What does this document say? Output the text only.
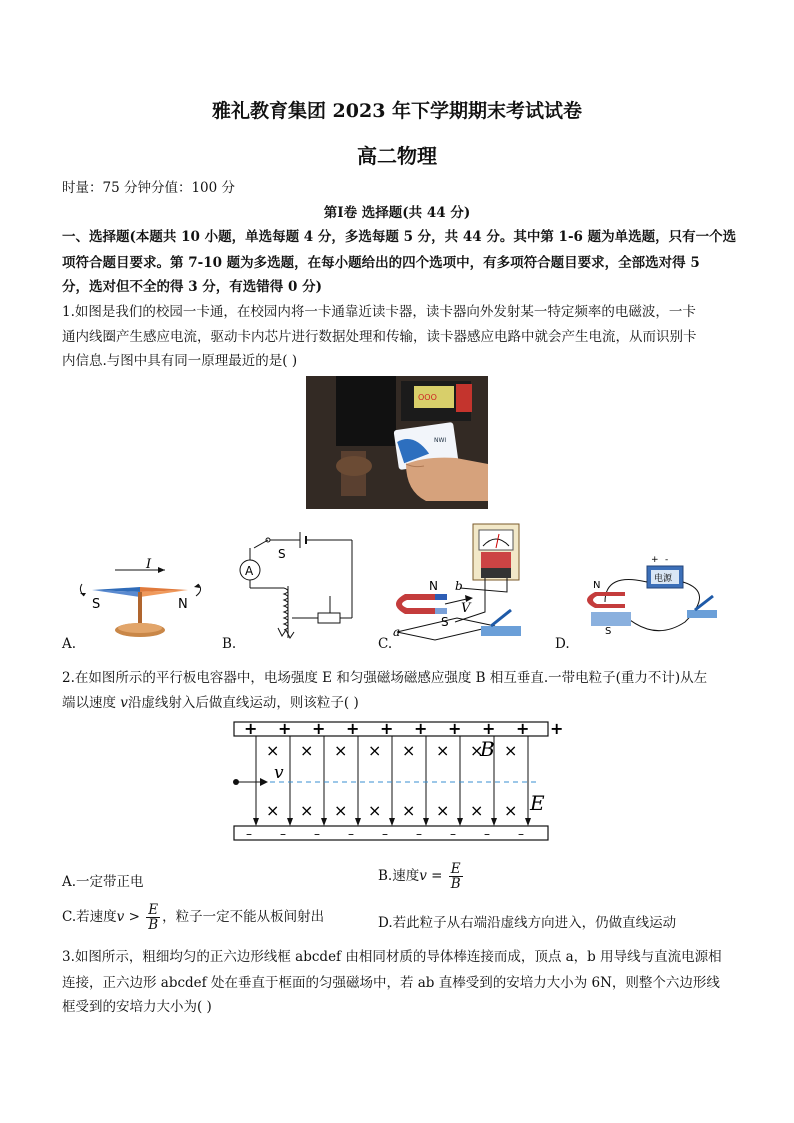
雅礼教育集团 2023 年下学期期末考试试卷
高二物理
时量：75 分钟分值：100 分
第Ⅰ卷 选择题(共 44 分)
一、选择题(本题共 10 小题，单选每题 4 分，多选每题 5 分，共 44 分。其中第 1-6 题为单选题，只有一个选
项符合题目要求。第 7-10 题为多选题，在每小题给出的四个选项中，有多项符合题目要求，全部选对得 5
分，选对但不全的得 3 分，有选错得 0 分)
1.如图是我们的校园一卡通，在校园内将一卡通靠近读卡器，读卡器向外发射某一特定频率的电磁波，一卡
通内线圈产生感应电流，驱动卡内芯片进行数据处理和传输，读卡器感应电路中就会产生电流，从而识别卡
内信息.与图中具有同一原理最近的是( )
OOO
NWI
I
S	N
A.
S
A
B.
N b
V
S
a
C.
+ -
电源
N
S
D.
2.在如图所示的平行板电容器中，电场强度 E 和匀强磁场磁感应强度 B 相互垂直.一带电粒子(重力不计)从左
端以速度 v沿虚线射入后做直线运动，则该粒子( )
+ + + + + + + + + +
– – – – – – – – –
×
×
×
×
×
×
×
×
×
×
×
×
×
×
×
×
v
B
E
A.一定带正电	B.速度$v = \frac{E}{B}$
C.若速度$v > \frac{E}{B}$ ，粒子一定不能从板间射出	D.若此粒子从右端沿虚线方向进入，仍做直线运动
3.如图所示，粗细均匀的正六边形线框 abcdef 由相同材质的导体棒连接而成，顶点 a，b 用导线与直流电源相
连接，正六边形 abcdef 处在垂直于框面的匀强磁场中，若 ab 直棒受到的安培力大小为 6N，则整个六边形线
框受到的安培力大小为( )
